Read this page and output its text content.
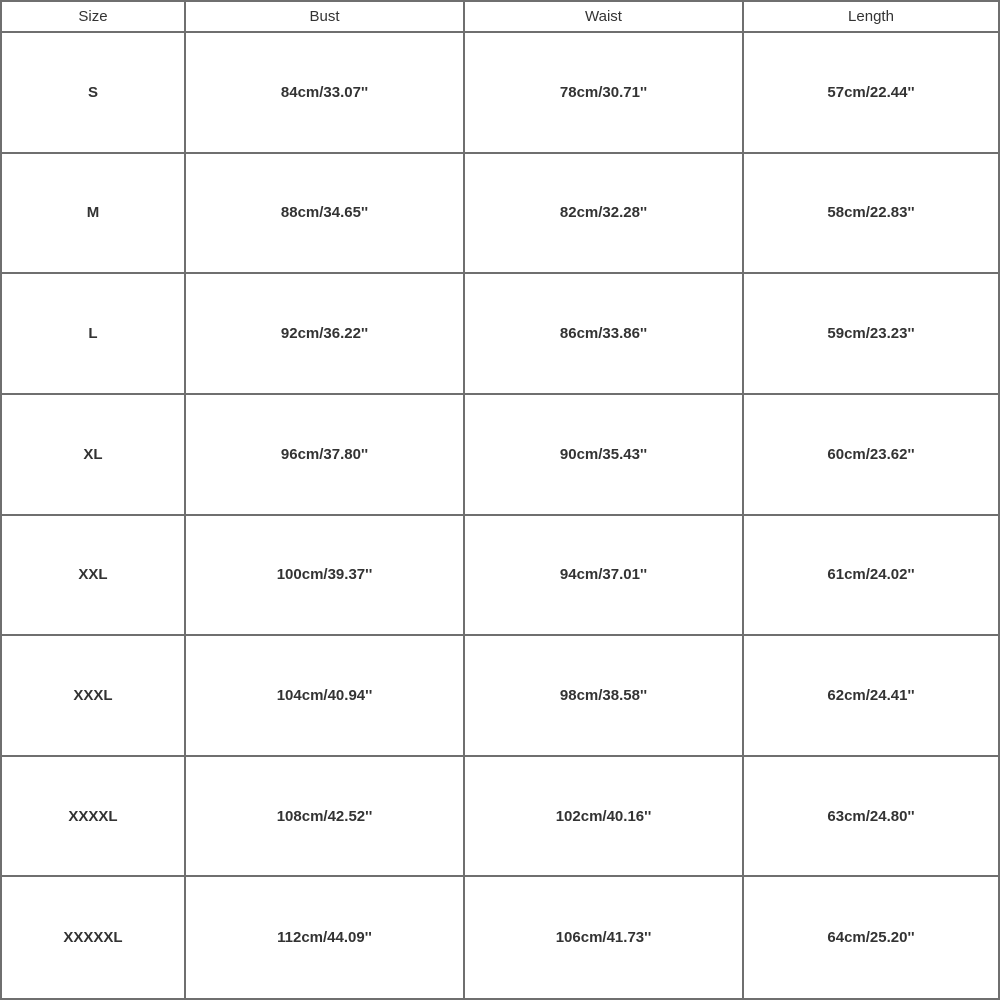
Size	Bust	Waist	Length
S	84cm/33.07''	78cm/30.71''	57cm/22.44''
M	88cm/34.65''	82cm/32.28''	58cm/22.83''
L	92cm/36.22''	86cm/33.86''	59cm/23.23''
XL	96cm/37.80''	90cm/35.43''	60cm/23.62''
XXL	100cm/39.37''	94cm/37.01''	61cm/24.02''
XXXL	104cm/40.94''	98cm/38.58''	62cm/24.41''
XXXXL	108cm/42.52''	102cm/40.16''	63cm/24.80''
XXXXXL	112cm/44.09''	106cm/41.73''	64cm/25.20''
